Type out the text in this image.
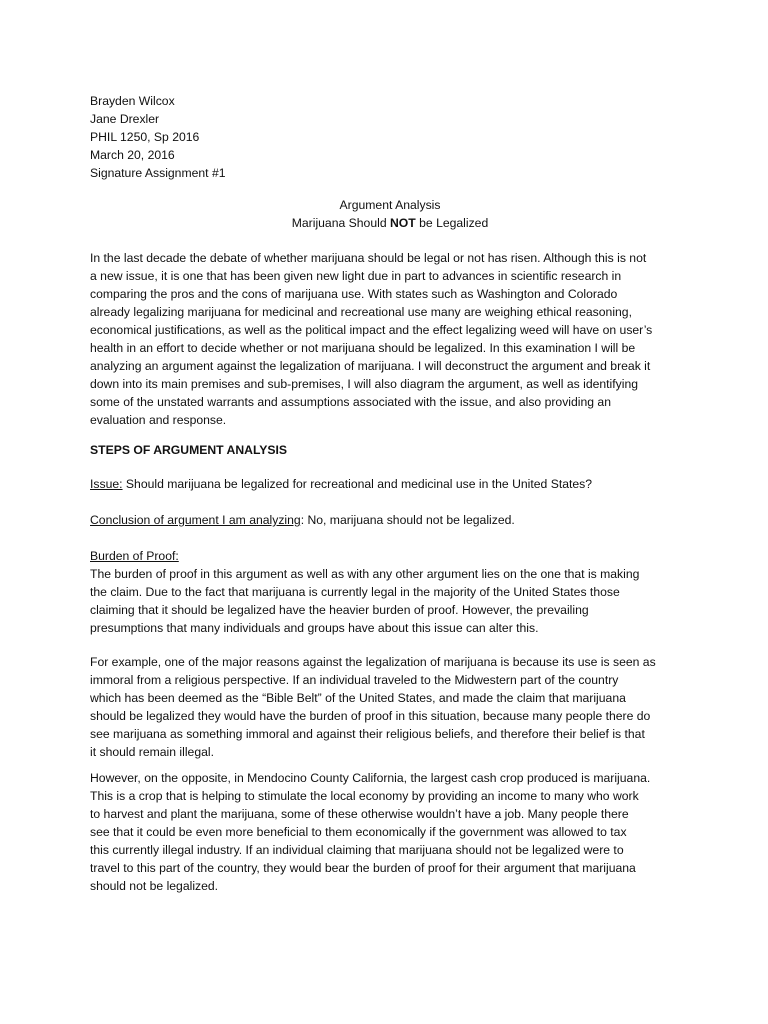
Brayden Wilcox
Jane Drexler
PHIL 1250, Sp 2016
March 20, 2016
Signature Assignment #1
Argument Analysis
Marijuana Should NOT be Legalized
In the last decade the debate of whether marijuana should be legal or not has risen. Although this is not
a new issue, it is one that has been given new light due in part to advances in scientific research in
comparing the pros and the cons of marijuana use. With states such as Washington and Colorado
already legalizing marijuana for medicinal and recreational use many are weighing ethical reasoning,
economical justifications, as well as the political impact and the effect legalizing weed will have on user’s
health in an effort to decide whether or not marijuana should be legalized. In this examination I will be
analyzing an argument against the legalization of marijuana. I will deconstruct the argument and break it
down into its main premises and sub-premises, I will also diagram the argument, as well as identifying
some of the unstated warrants and assumptions associated with the issue, and also providing an
evaluation and response.
STEPS OF ARGUMENT ANALYSIS
Issue: Should marijuana be legalized for recreational and medicinal use in the United States?
Conclusion of argument I am analyzing: No, marijuana should not be legalized.
Burden of Proof:
The burden of proof in this argument as well as with any other argument lies on the one that is making
the claim. Due to the fact that marijuana is currently legal in the majority of the United States those
claiming that it should be legalized have the heavier burden of proof. However, the prevailing
presumptions that many individuals and groups have about this issue can alter this.
For example, one of the major reasons against the legalization of marijuana is because its use is seen as
immoral from a religious perspective. If an individual traveled to the Midwestern part of the country
which has been deemed as the “Bible Belt” of the United States, and made the claim that marijuana
should be legalized they would have the burden of proof in this situation, because many people there do
see marijuana as something immoral and against their religious beliefs, and therefore their belief is that
it should remain illegal.
However, on the opposite, in Mendocino County California, the largest cash crop produced is marijuana.
This is a crop that is helping to stimulate the local economy by providing an income to many who work
to harvest and plant the marijuana, some of these otherwise wouldn’t have a job. Many people there
see that it could be even more beneficial to them economically if the government was allowed to tax
this currently illegal industry. If an individual claiming that marijuana should not be legalized were to
travel to this part of the country, they would bear the burden of proof for their argument that marijuana
should not be legalized.
